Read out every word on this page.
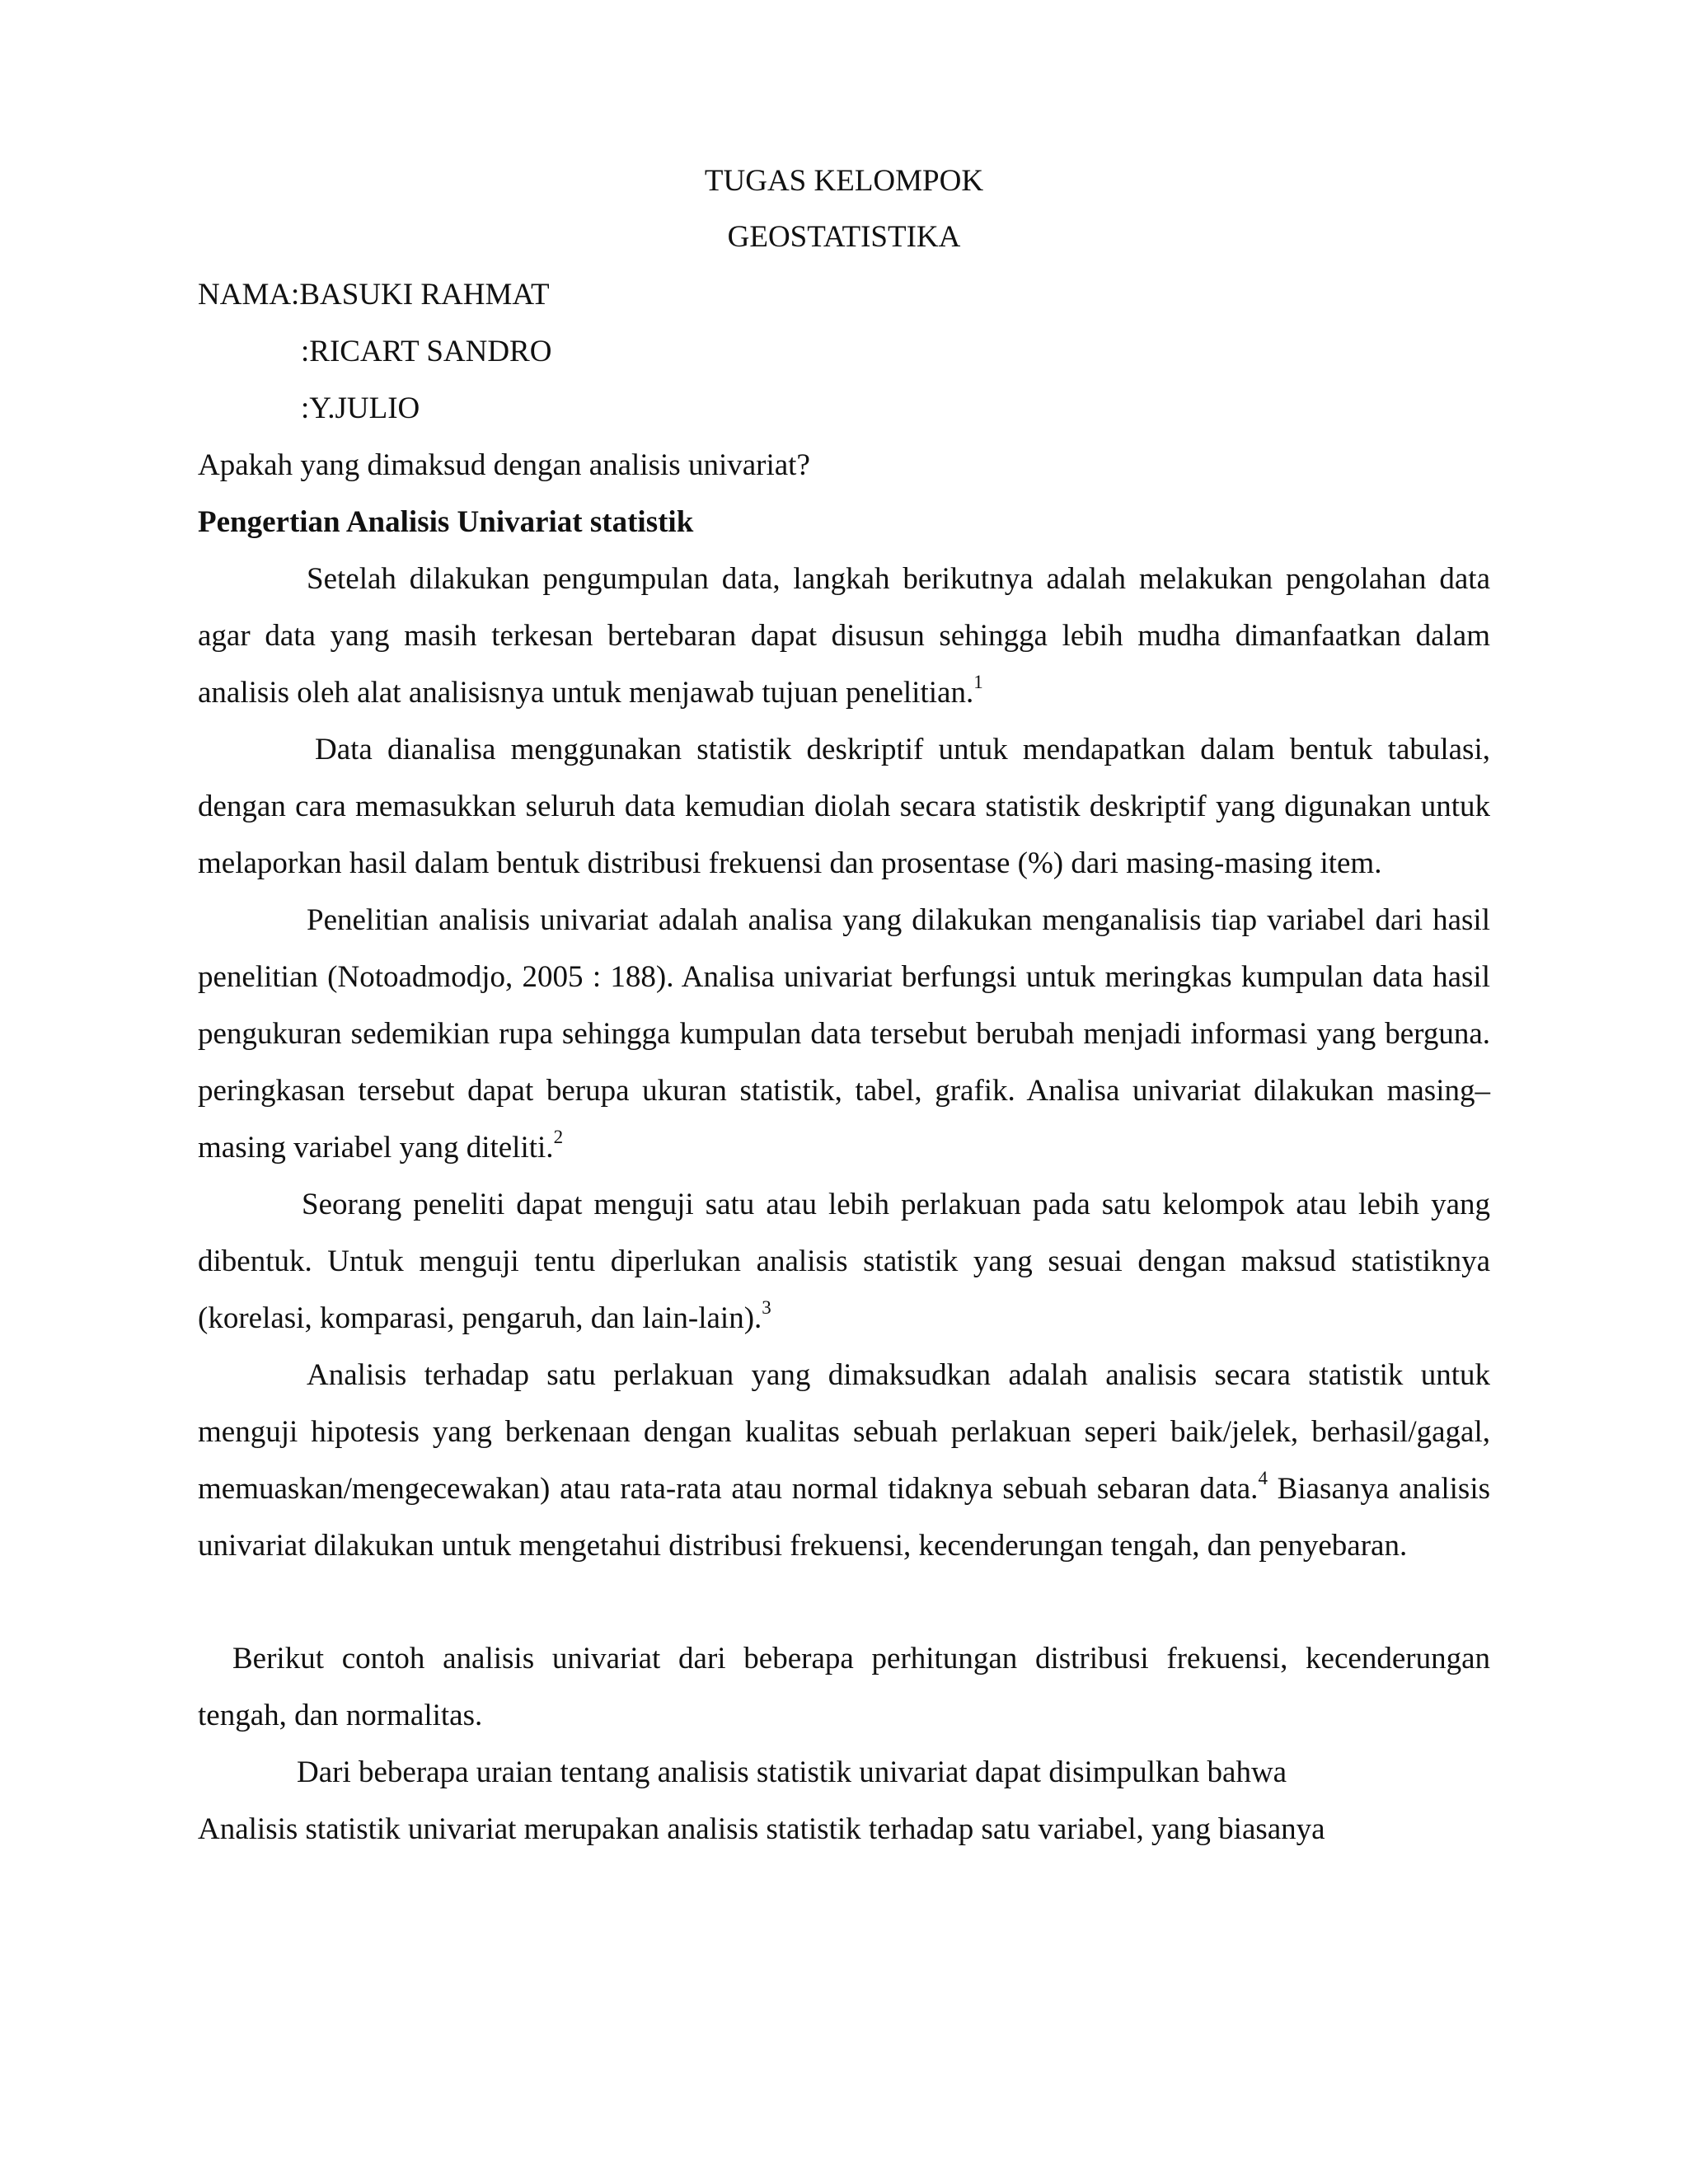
TUGAS KELOMPOK

GEOSTATISTIKA

NAMA:BASUKI RAHMAT

:RICART SANDRO

:Y.JULIO

Apakah yang dimaksud dengan analisis univariat?

Pengertian Analisis Univariat statistik

Setelah dilakukan pengumpulan data, langkah berikutnya adalah melakukan pengolahan data agar data yang masih terkesan bertebaran dapat disusun sehingga lebih mudha dimanfaatkan dalam analisis oleh alat analisisnya untuk menjawab tujuan penelitian.$^1$

Data dianalisa menggunakan statistik deskriptif untuk mendapatkan dalam bentuk tabulasi, dengan cara memasukkan seluruh data kemudian diolah secara statistik deskriptif yang digunakan untuk melaporkan hasil dalam bentuk distribusi frekuensi dan prosentase (%) dari masing-masing item.

Penelitian analisis univariat adalah analisa yang dilakukan menganalisis tiap variabel dari hasil penelitian (Notoadmodjo, 2005 : 188). Analisa univariat berfungsi untuk meringkas kumpulan data hasil pengukuran sedemikian rupa sehingga kumpulan data tersebut berubah menjadi informasi yang berguna. peringkasan tersebut dapat berupa ukuran statistik, tabel, grafik. Analisa univariat dilakukan masing–masing variabel yang diteliti.$^2$

Seorang peneliti dapat menguji satu atau lebih perlakuan pada satu kelompok atau lebih yang dibentuk. Untuk menguji tentu diperlukan analisis statistik yang sesuai dengan maksud statistiknya (korelasi, komparasi, pengaruh, dan lain-lain).$^3$

Analisis terhadap satu perlakuan yang dimaksudkan adalah analisis secara statistik untuk menguji hipotesis yang berkenaan dengan kualitas sebuah perlakuan seperi baik/jelek, berhasil/gagal, memuaskan/mengecewakan) atau rata-rata atau normal tidaknya sebuah sebaran data.$^4$ Biasanya analisis univariat dilakukan untuk mengetahui distribusi frekuensi, kecenderungan tengah, dan penyebaran.

Berikut contoh analisis univariat dari beberapa perhitungan distribusi frekuensi, kecenderungan tengah, dan normalitas.

Dari beberapa uraian tentang analisis statistik univariat dapat disimpulkan bahwa

Analisis statistik univariat merupakan analisis statistik terhadap satu variabel, yang biasanya
